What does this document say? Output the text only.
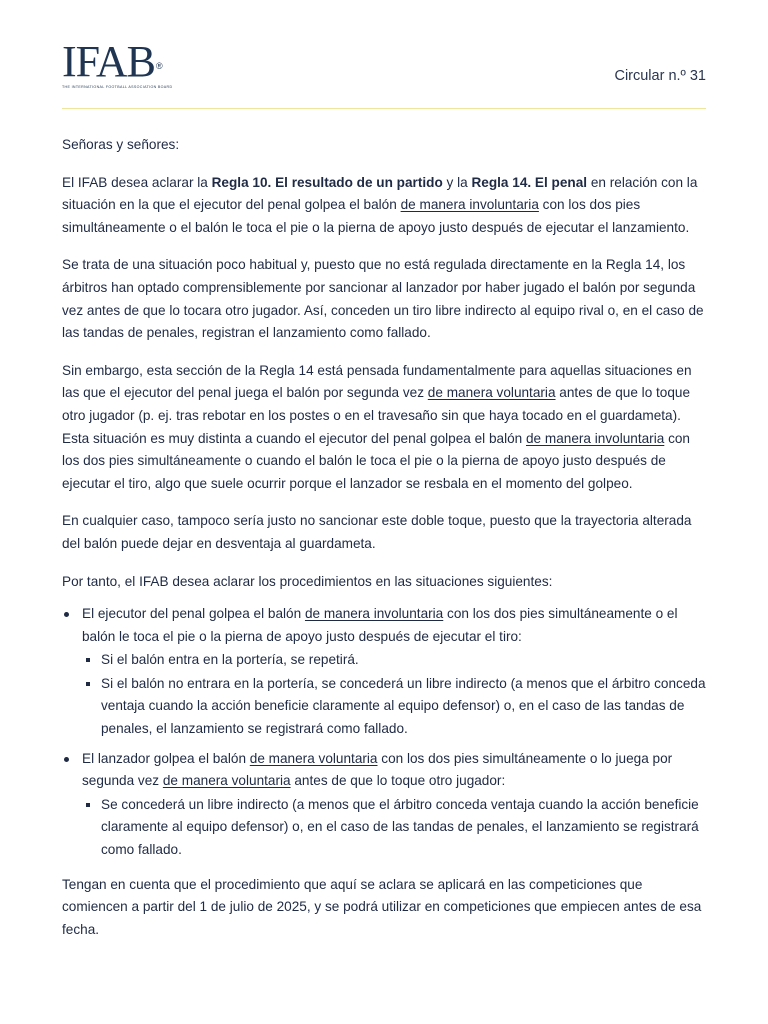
IFAB®
THE INTERNATIONAL FOOTBALL ASSOCIATION BOARD
Circular n.º 31

Señoras y señores:

El IFAB desea aclarar la Regla 10. El resultado de un partido y la Regla 14. El penal en relación con la situación en la que el ejecutor del penal golpea el balón de manera involuntaria con los dos pies simultáneamente o el balón le toca el pie o la pierna de apoyo justo después de ejecutar el lanzamiento.

Se trata de una situación poco habitual y, puesto que no está regulada directamente en la Regla 14, los árbitros han optado comprensiblemente por sancionar al lanzador por haber jugado el balón por segunda vez antes de que lo tocara otro jugador. Así, conceden un tiro libre indirecto al equipo rival o, en el caso de las tandas de penales, registran el lanzamiento como fallado.

Sin embargo, esta sección de la Regla 14 está pensada fundamentalmente para aquellas situaciones en las que el ejecutor del penal juega el balón por segunda vez de manera voluntaria antes de que lo toque otro jugador (p. ej. tras rebotar en los postes o en el travesaño sin que haya tocado en el guardameta). Esta situación es muy distinta a cuando el ejecutor del penal golpea el balón de manera involuntaria con los dos pies simultáneamente o cuando el balón le toca el pie o la pierna de apoyo justo después de ejecutar el tiro, algo que suele ocurrir porque el lanzador se resbala en el momento del golpeo.

En cualquier caso, tampoco sería justo no sancionar este doble toque, puesto que la trayectoria alterada del balón puede dejar en desventaja al guardameta.

Por tanto, el IFAB desea aclarar los procedimientos en las situaciones siguientes:

El ejecutor del penal golpea el balón de manera involuntaria con los dos pies simultáneamente o el balón le toca el pie o la pierna de apoyo justo después de ejecutar el tiro:
Si el balón entra en la portería, se repetirá.
Si el balón no entrara en la portería, se concederá un libre indirecto (a menos que el árbitro conceda ventaja cuando la acción beneficie claramente al equipo defensor) o, en el caso de las tandas de penales, el lanzamiento se registrará como fallado.
El lanzador golpea el balón de manera voluntaria con los dos pies simultáneamente o lo juega por segunda vez de manera voluntaria antes de que lo toque otro jugador:
Se concederá un libre indirecto (a menos que el árbitro conceda ventaja cuando la acción beneficie claramente al equipo defensor) o, en el caso de las tandas de penales, el lanzamiento se registrará como fallado.

Tengan en cuenta que el procedimiento que aquí se aclara se aplicará en las competiciones que comiencen a partir del 1 de julio de 2025, y se podrá utilizar en competiciones que empiecen antes de esa fecha.
